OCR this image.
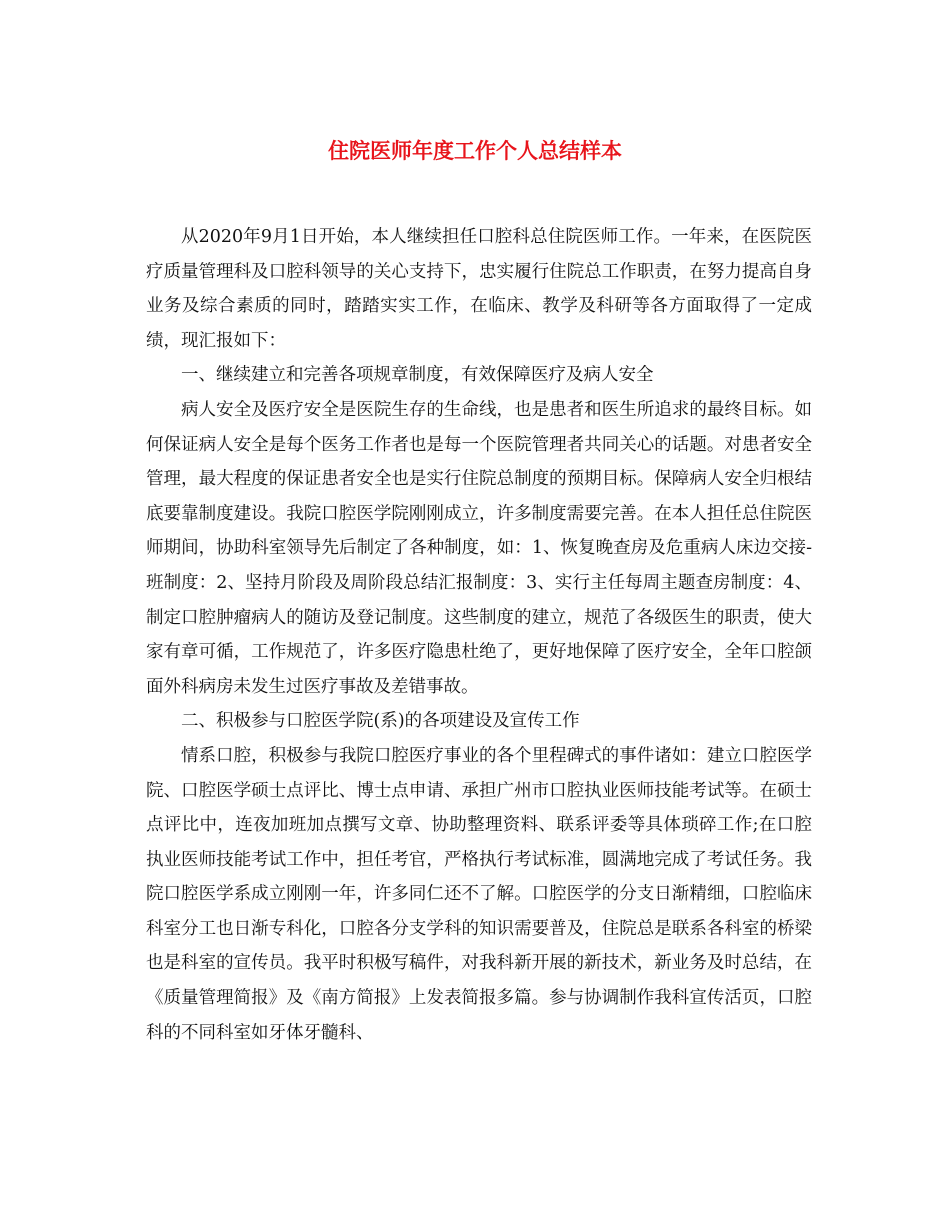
住院医师年度工作个人总结样本

从2020年9月1日开始，本人继续担任口腔科总住院医师工作。一年来，在医院医疗质量管理科及口腔科领导的关心支持下，忠实履行住院总工作职责，在努力提高自身业务及综合素质的同时，踏踏实实工作，在临床、教学及科研等各方面取得了一定成绩，现汇报如下：

一、继续建立和完善各项规章制度，有效保障医疗及病人安全

病人安全及医疗安全是医院生存的生命线，也是患者和医生所追求的最终目标。如何保证病人安全是每个医务工作者也是每一个医院管理者共同关心的话题。对患者安全管理，最大程度的保证患者安全也是实行住院总制度的预期目标。保障病人安全归根结底要靠制度建设。我院口腔医学院刚刚成立，许多制度需要完善。在本人担任总住院医师期间，协助科室领导先后制定了各种制度，如：1、恢复晚查房及危重病人床边交接-班制度：2、坚持月阶段及周阶段总结汇报制度：3、实行主任每周主题查房制度：4、制定口腔肿瘤病人的随访及登记制度。这些制度的建立，规范了各级医生的职责，使大家有章可循，工作规范了，许多医疗隐患杜绝了，更好地保障了医疗安全，全年口腔颌面外科病房未发生过医疗事故及差错事故。

二、积极参与口腔医学院(系)的各项建设及宣传工作

情系口腔，积极参与我院口腔医疗事业的各个里程碑式的事件诸如：建立口腔医学院、口腔医学硕士点评比、博士点申请、承担广州市口腔执业医师技能考试等。在硕士点评比中，连夜加班加点撰写文章、协助整理资料、联系评委等具体琐碎工作;在口腔执业医师技能考试工作中，担任考官，严格执行考试标准，圆满地完成了考试任务。我院口腔医学系成立刚刚一年，许多同仁还不了解。口腔医学的分支日渐精细，口腔临床科室分工也日渐专科化，口腔各分支学科的知识需要普及，住院总是联系各科室的桥梁也是科室的宣传员。我平时积极写稿件，对我科新开展的新技术，新业务及时总结，在《质量管理简报》及《南方简报》上发表简报多篇。参与协调制作我科宣传活页，口腔科的不同科室如牙体牙髓科、
